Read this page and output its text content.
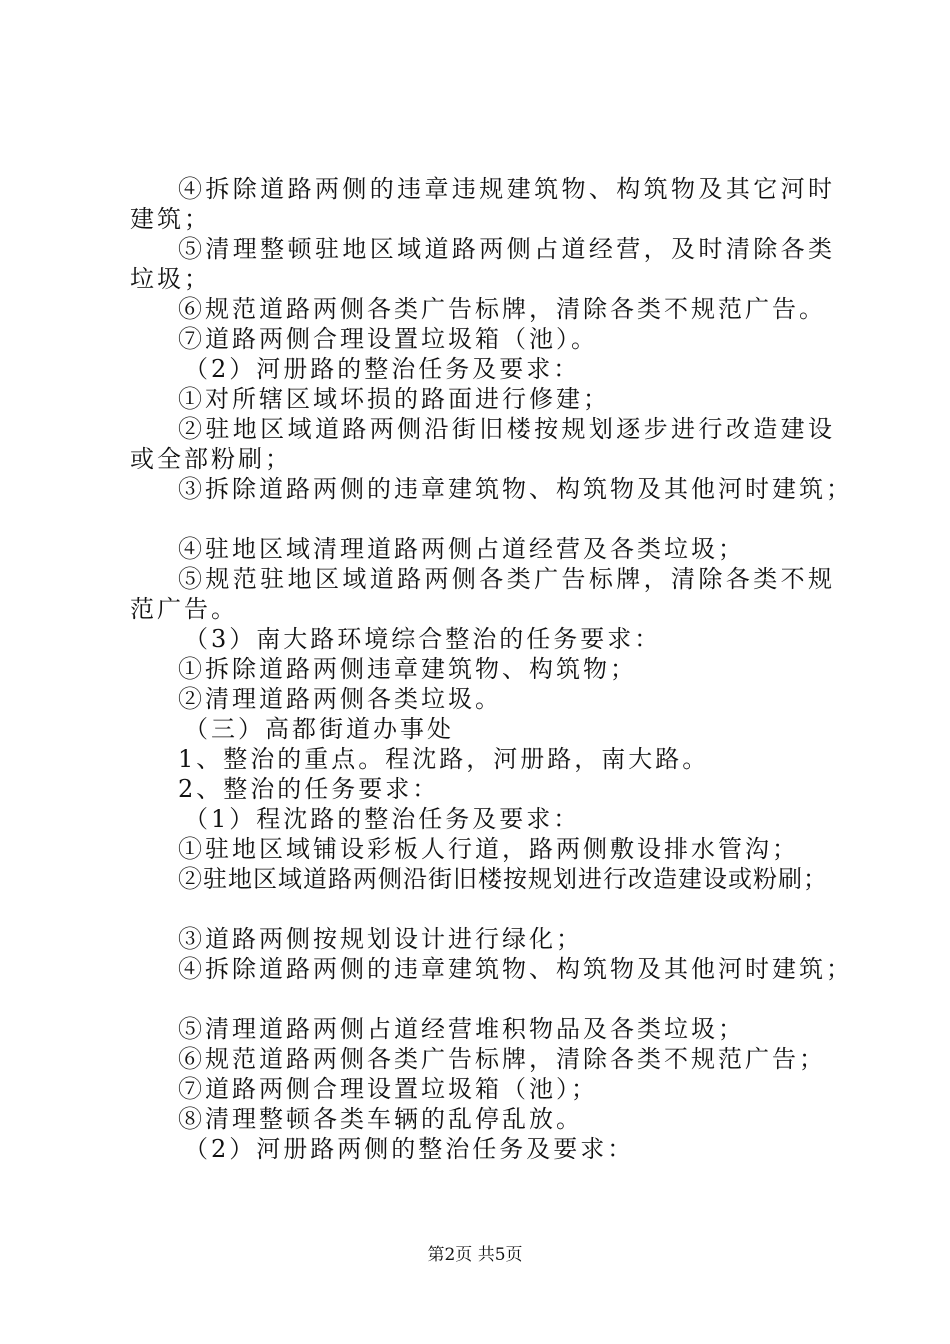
④拆除道路两侧的违章违规建筑物、构筑物及其它河时建筑；

⑤清理整顿驻地区域道路两侧占道经营，及时清除各类垃圾；

⑥规范道路两侧各类广告标牌，清除各类不规范广告。

⑦道路两侧合理设置垃圾箱（池）。

（2）河册路的整治任务及要求：

①对所辖区域坏损的路面进行修建；

②驻地区域道路两侧沿街旧楼按规划逐步进行改造建设或全部粉刷；

③拆除道路两侧的违章建筑物、构筑物及其他河时建筑；

④驻地区域清理道路两侧占道经营及各类垃圾；

⑤规范驻地区域道路两侧各类广告标牌，清除各类不规范广告。

（3）南大路环境综合整治的任务要求：

①拆除道路两侧违章建筑物、构筑物；

②清理道路两侧各类垃圾。

（三）高都街道办事处

1、整治的重点。程沈路，河册路，南大路。

2、整治的任务要求：

（1）程沈路的整治任务及要求：

①驻地区域铺设彩板人行道，路两侧敷设排水管沟；

②驻地区域道路两侧沿街旧楼按规划进行改造建设或粉刷；

③道路两侧按规划设计进行绿化；

④拆除道路两侧的违章建筑物、构筑物及其他河时建筑；

⑤清理道路两侧占道经营堆积物品及各类垃圾；

⑥规范道路两侧各类广告标牌，清除各类不规范广告；

⑦道路两侧合理设置垃圾箱（池）；

⑧清理整顿各类车辆的乱停乱放。

（2）河册路两侧的整治任务及要求：

第2页 共5页
